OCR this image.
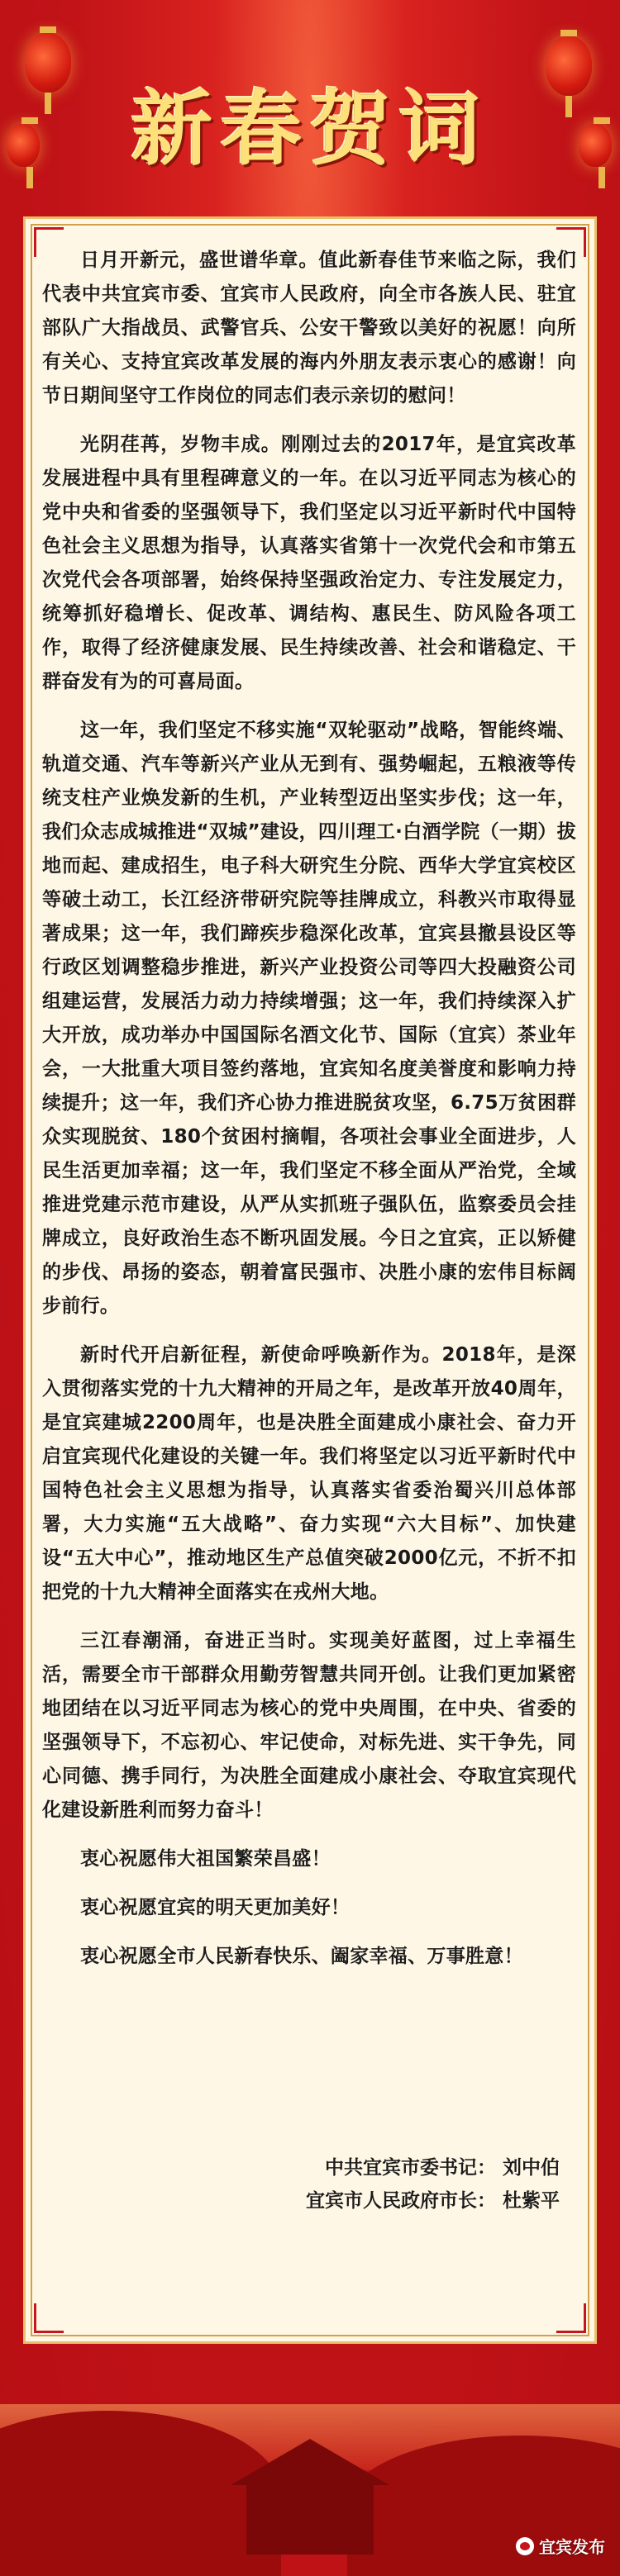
新春贺词

日月开新元，盛世谱华章。值此新春佳节来临之际，我们代表中共宜宾市委、宜宾市人民政府，向全市各族人民、驻宜部队广大指战员、武警官兵、公安干警致以美好的祝愿！向所有关心、支持宜宾改革发展的海内外朋友表示衷心的感谢！向节日期间坚守工作岗位的同志们表示亲切的慰问！

光阴荏苒，岁物丰成。刚刚过去的2017年，是宜宾改革发展进程中具有里程碑意义的一年。在以习近平同志为核心的党中央和省委的坚强领导下，我们坚定以习近平新时代中国特色社会主义思想为指导，认真落实省第十一次党代会和市第五次党代会各项部署，始终保持坚强政治定力、专注发展定力，统筹抓好稳增长、促改革、调结构、惠民生、防风险各项工作，取得了经济健康发展、民生持续改善、社会和谐稳定、干群奋发有为的可喜局面。

这一年，我们坚定不移实施“双轮驱动”战略，智能终端、轨道交通、汽车等新兴产业从无到有、强势崛起，五粮液等传统支柱产业焕发新的生机，产业转型迈出坚实步伐；这一年，我们众志成城推进“双城”建设，四川理工·白酒学院（一期）拔地而起、建成招生，电子科大研究生分院、西华大学宜宾校区等破土动工，长江经济带研究院等挂牌成立，科教兴市取得显著成果；这一年，我们蹄疾步稳深化改革，宜宾县撤县设区等行政区划调整稳步推进，新兴产业投资公司等四大投融资公司组建运营，发展活力动力持续增强；这一年，我们持续深入扩大开放，成功举办中国国际名酒文化节、国际（宜宾）茶业年会，一大批重大项目签约落地，宜宾知名度美誉度和影响力持续提升；这一年，我们齐心协力推进脱贫攻坚，6.75万贫困群众实现脱贫、180个贫困村摘帽，各项社会事业全面进步，人民生活更加幸福；这一年，我们坚定不移全面从严治党，全域推进党建示范市建设，从严从实抓班子强队伍，监察委员会挂牌成立，良好政治生态不断巩固发展。今日之宜宾，正以矫健的步伐、昂扬的姿态，朝着富民强市、决胜小康的宏伟目标阔步前行。

新时代开启新征程，新使命呼唤新作为。2018年，是深入贯彻落实党的十九大精神的开局之年，是改革开放40周年，是宜宾建城2200周年，也是决胜全面建成小康社会、奋力开启宜宾现代化建设的关键一年。我们将坚定以习近平新时代中国特色社会主义思想为指导，认真落实省委治蜀兴川总体部署，大力实施“五大战略”、奋力实现“六大目标”、加快建设“五大中心”，推动地区生产总值突破2000亿元，不折不扣把党的十九大精神全面落实在戎州大地。

三江春潮涌，奋进正当时。实现美好蓝图，过上幸福生活，需要全市干部群众用勤劳智慧共同开创。让我们更加紧密地团结在以习近平同志为核心的党中央周围，在中央、省委的坚强领导下，不忘初心、牢记使命，对标先进、实干争先，同心同德、携手同行，为决胜全面建成小康社会、夺取宜宾现代化建设新胜利而努力奋斗！

衷心祝愿伟大祖国繁荣昌盛！

衷心祝愿宜宾的明天更加美好！

衷心祝愿全市人民新春快乐、阖家幸福、万事胜意！

中共宜宾市委书记： 刘中伯
宜宾市人民政府市长： 杜紫平
宜宾发布
